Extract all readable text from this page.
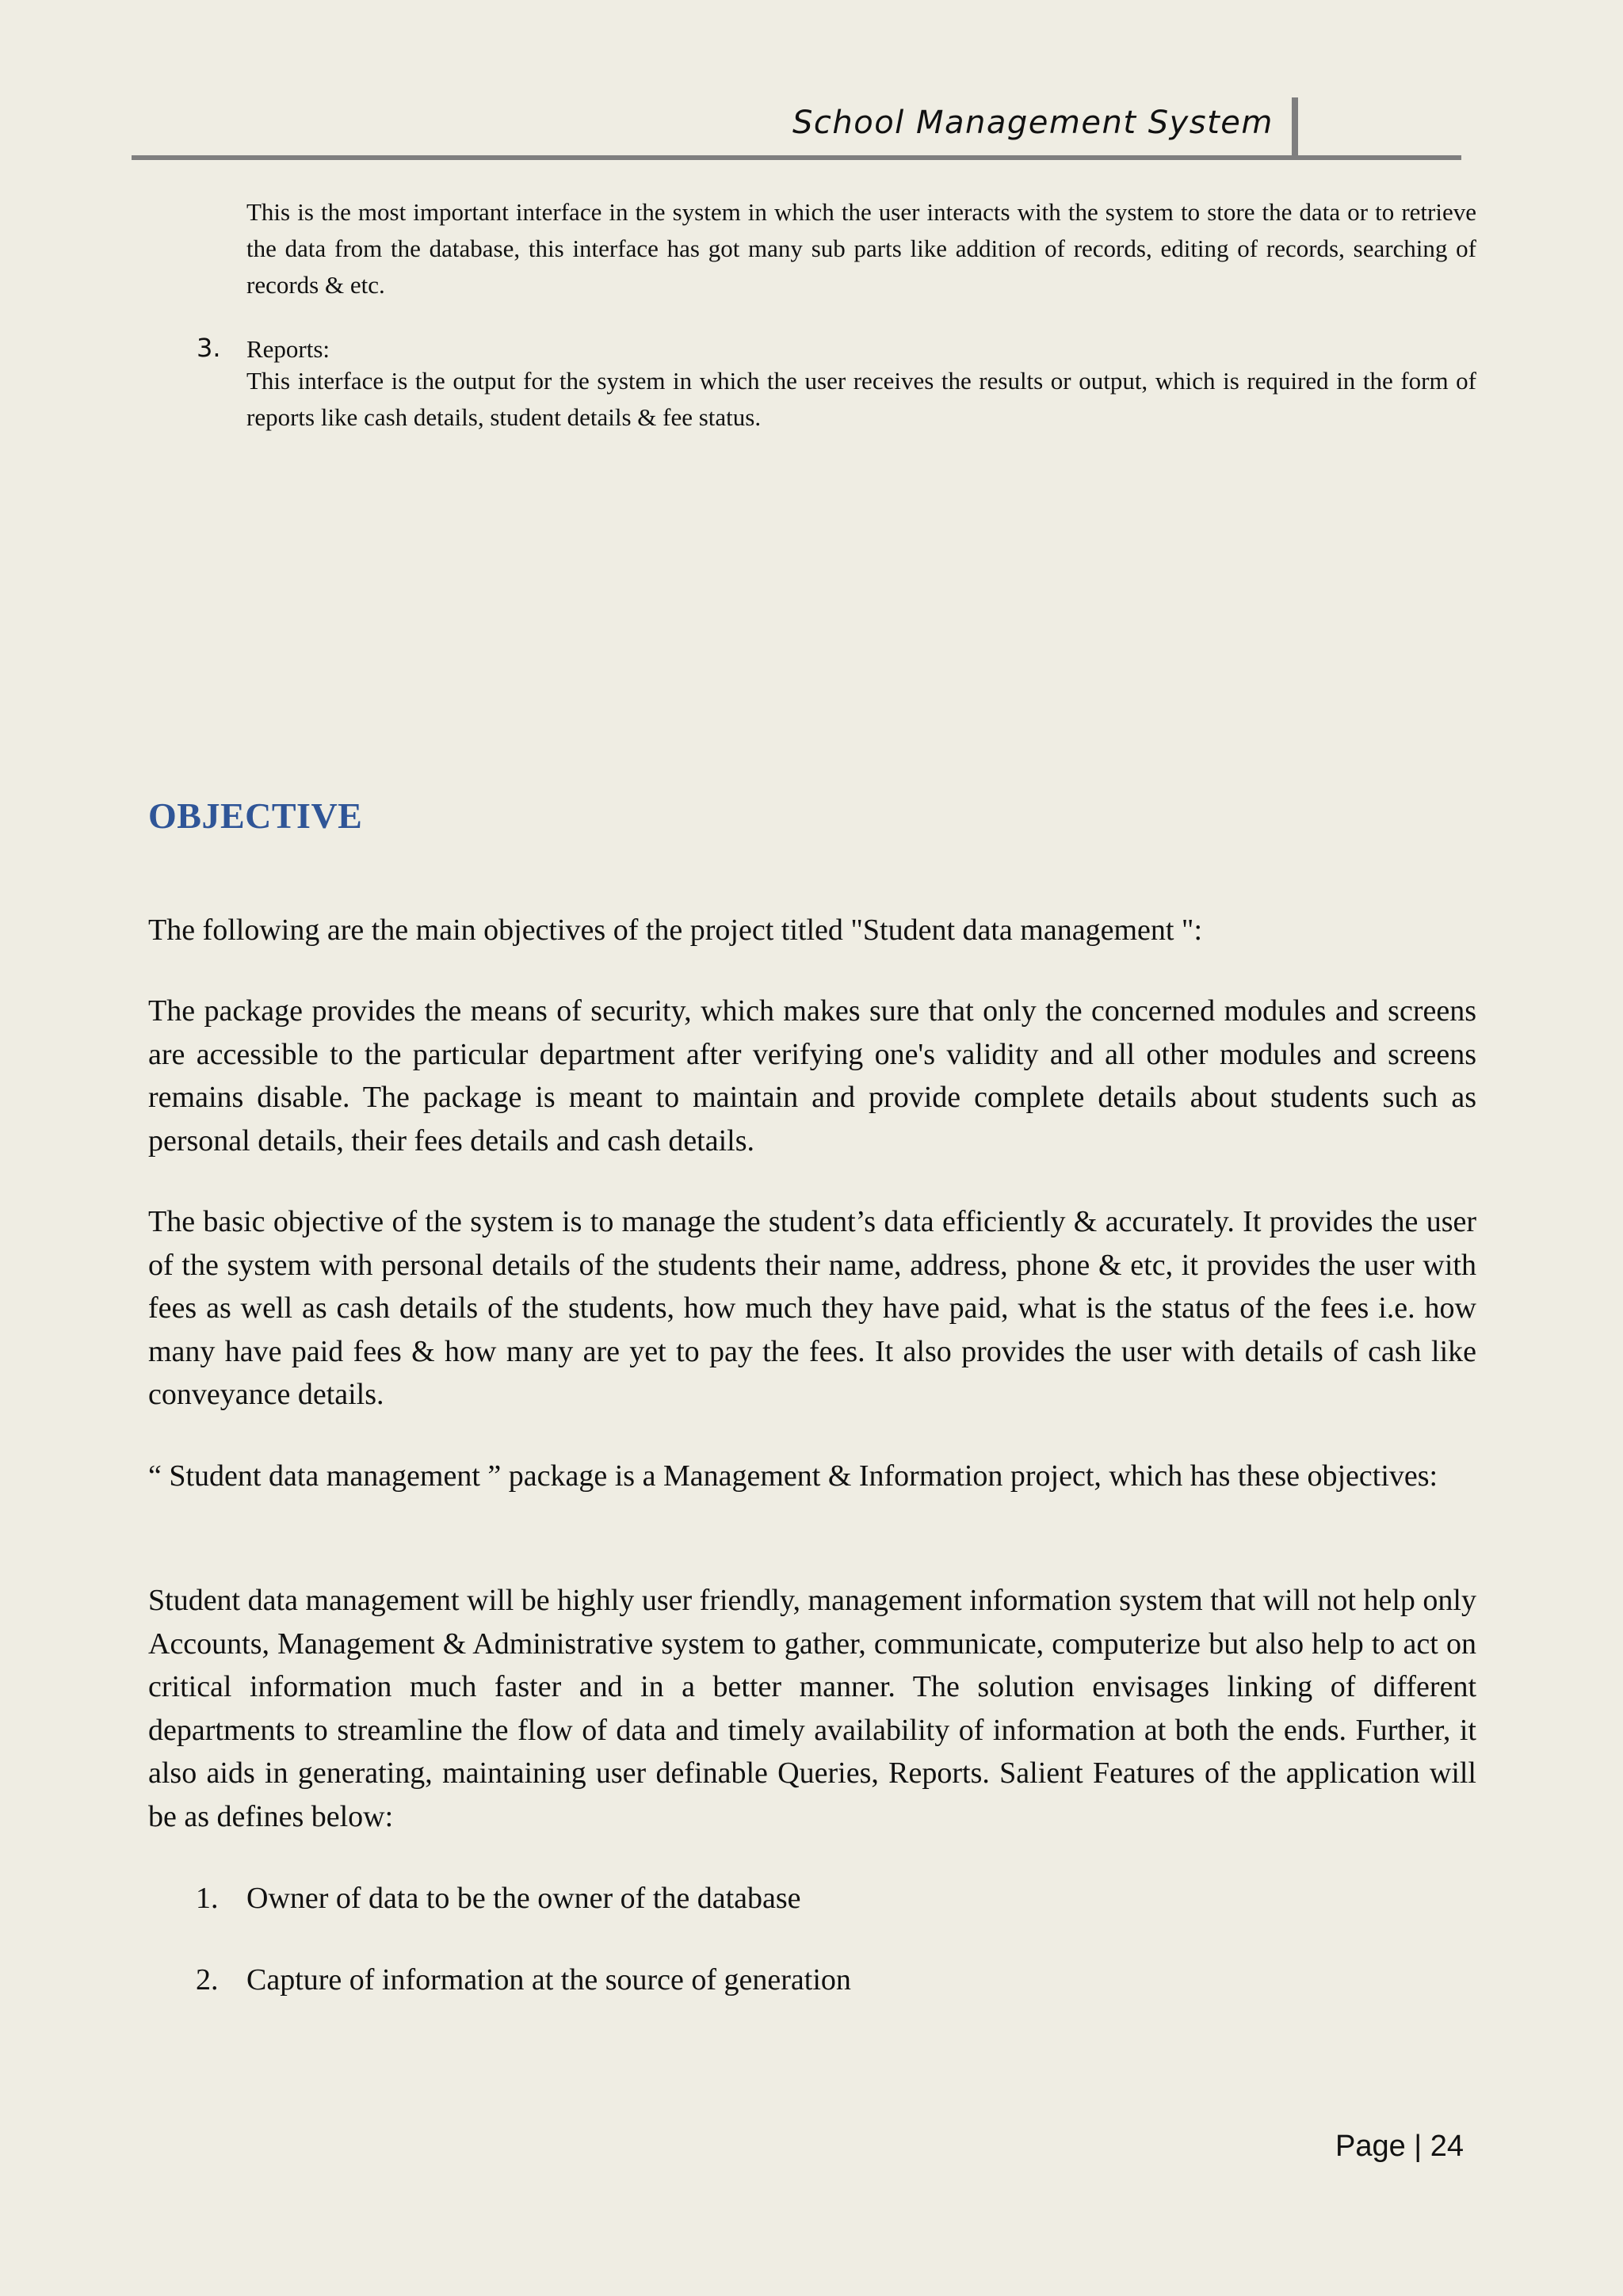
School Management System
This is the most important interface in the system in which the user interacts with the system to store the data or to retrieve the data from the database, this interface has got many sub parts like addition of records, editing of records, searching of records & etc.
3. Reports:
This interface is the output for the system in which the user receives the results or output, which is required in the form of reports like cash details, student details & fee status.
OBJECTIVE
The following are the main objectives of the project titled "Student data management ":
The package provides the means of security, which makes sure that only the concerned modules and screens are accessible to the particular department after verifying one's validity and all other modules and screens remains disable. The package is meant to maintain and provide complete details about students such as personal details, their fees details and cash details.
The basic objective of the system is to manage the student’s data efficiently & accurately. It provides the user of the system with personal details of the students their name, address, phone & etc, it provides the user with fees as well as cash details of the students, how much they have paid, what is the status of the fees i.e. how many have paid fees & how many are yet to pay the fees. It also provides the user with details of cash like conveyance details.
“ Student data management ” package is a Management & Information project, which has these objectives:
Student data management will be highly user friendly, management information system that will not help only Accounts, Management & Administrative system to gather, communicate, computerize but also help to act on critical information much faster and in a better manner. The solution envisages linking of different departments to streamline the flow of data and timely availability of information at both the ends. Further, it also aids in generating, maintaining user definable Queries, Reports. Salient Features of the application will be as defines below:
1. Owner of data to be the owner of the database
2. Capture of information at the source of generation
Page | 24
